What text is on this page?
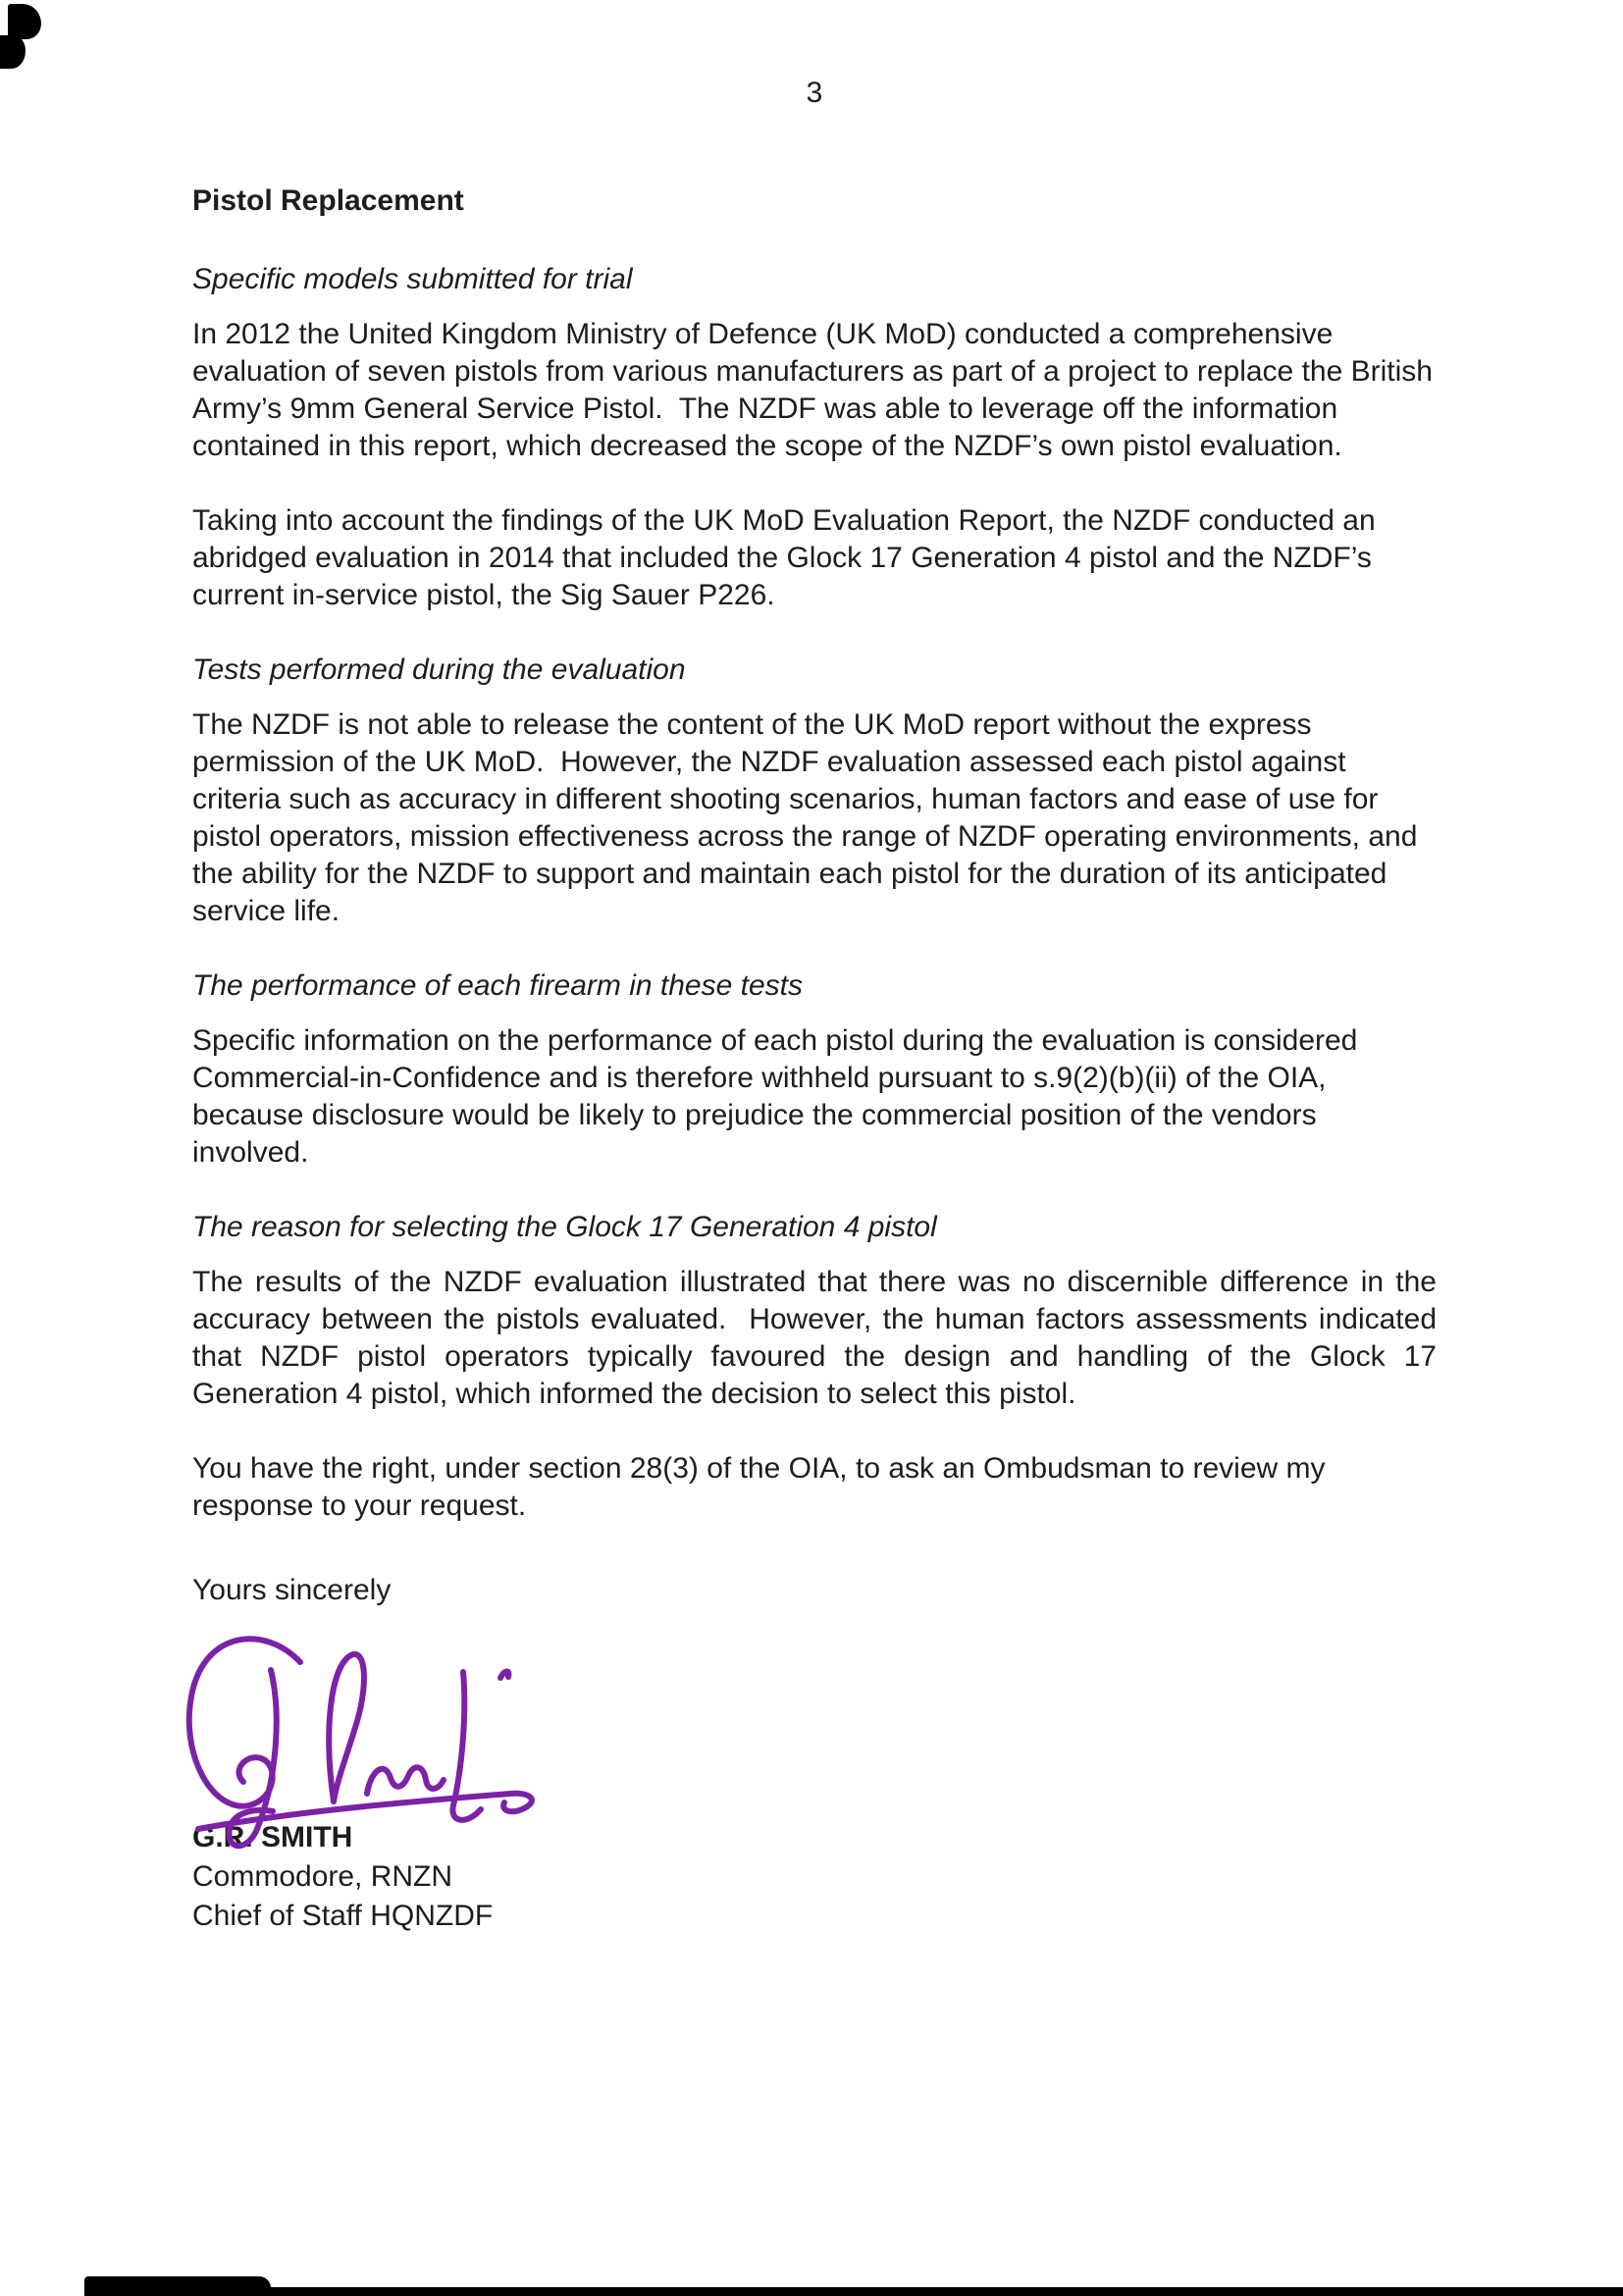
3
Pistol Replacement
Specific models submitted for trial

In 2012 the United Kingdom Ministry of Defence (UK MoD) conducted a comprehensive evaluation of seven pistols from various manufacturers as part of a project to replace the British Army’s 9mm General Service Pistol.  The NZDF was able to leverage off the information contained in this report, which decreased the scope of the NZDF’s own pistol evaluation.

Taking into account the findings of the UK MoD Evaluation Report, the NZDF conducted an abridged evaluation in 2014 that included the Glock 17 Generation 4 pistol and the NZDF’s current in-service pistol, the Sig Sauer P226.

Tests performed during the evaluation

The NZDF is not able to release the content of the UK MoD report without the express permission of the UK MoD.  However, the NZDF evaluation assessed each pistol against criteria such as accuracy in different shooting scenarios, human factors and ease of use for pistol operators, mission effectiveness across the range of NZDF operating environments, and the ability for the NZDF to support and maintain each pistol for the duration of its anticipated service life.

The performance of each firearm in these tests

Specific information on the performance of each pistol during the evaluation is considered Commercial-in-Confidence and is therefore withheld pursuant to s.9(2)(b)(ii) of the OIA, because disclosure would be likely to prejudice the commercial position of the vendors involved.

The reason for selecting the Glock 17 Generation 4 pistol

The results of the NZDF evaluation illustrated that there was no discernible difference in the accuracy between the pistols evaluated.  However, the human factors assessments indicated that NZDF pistol operators typically favoured the design and handling of the Glock 17 Generation 4 pistol, which informed the decision to select this pistol.

You have the right, under section 28(3) of the OIA, to ask an Ombudsman to review my response to your request.

Yours sincerely
G.R. SMITH
Commodore, RNZN
Chief of Staff HQNZDF
